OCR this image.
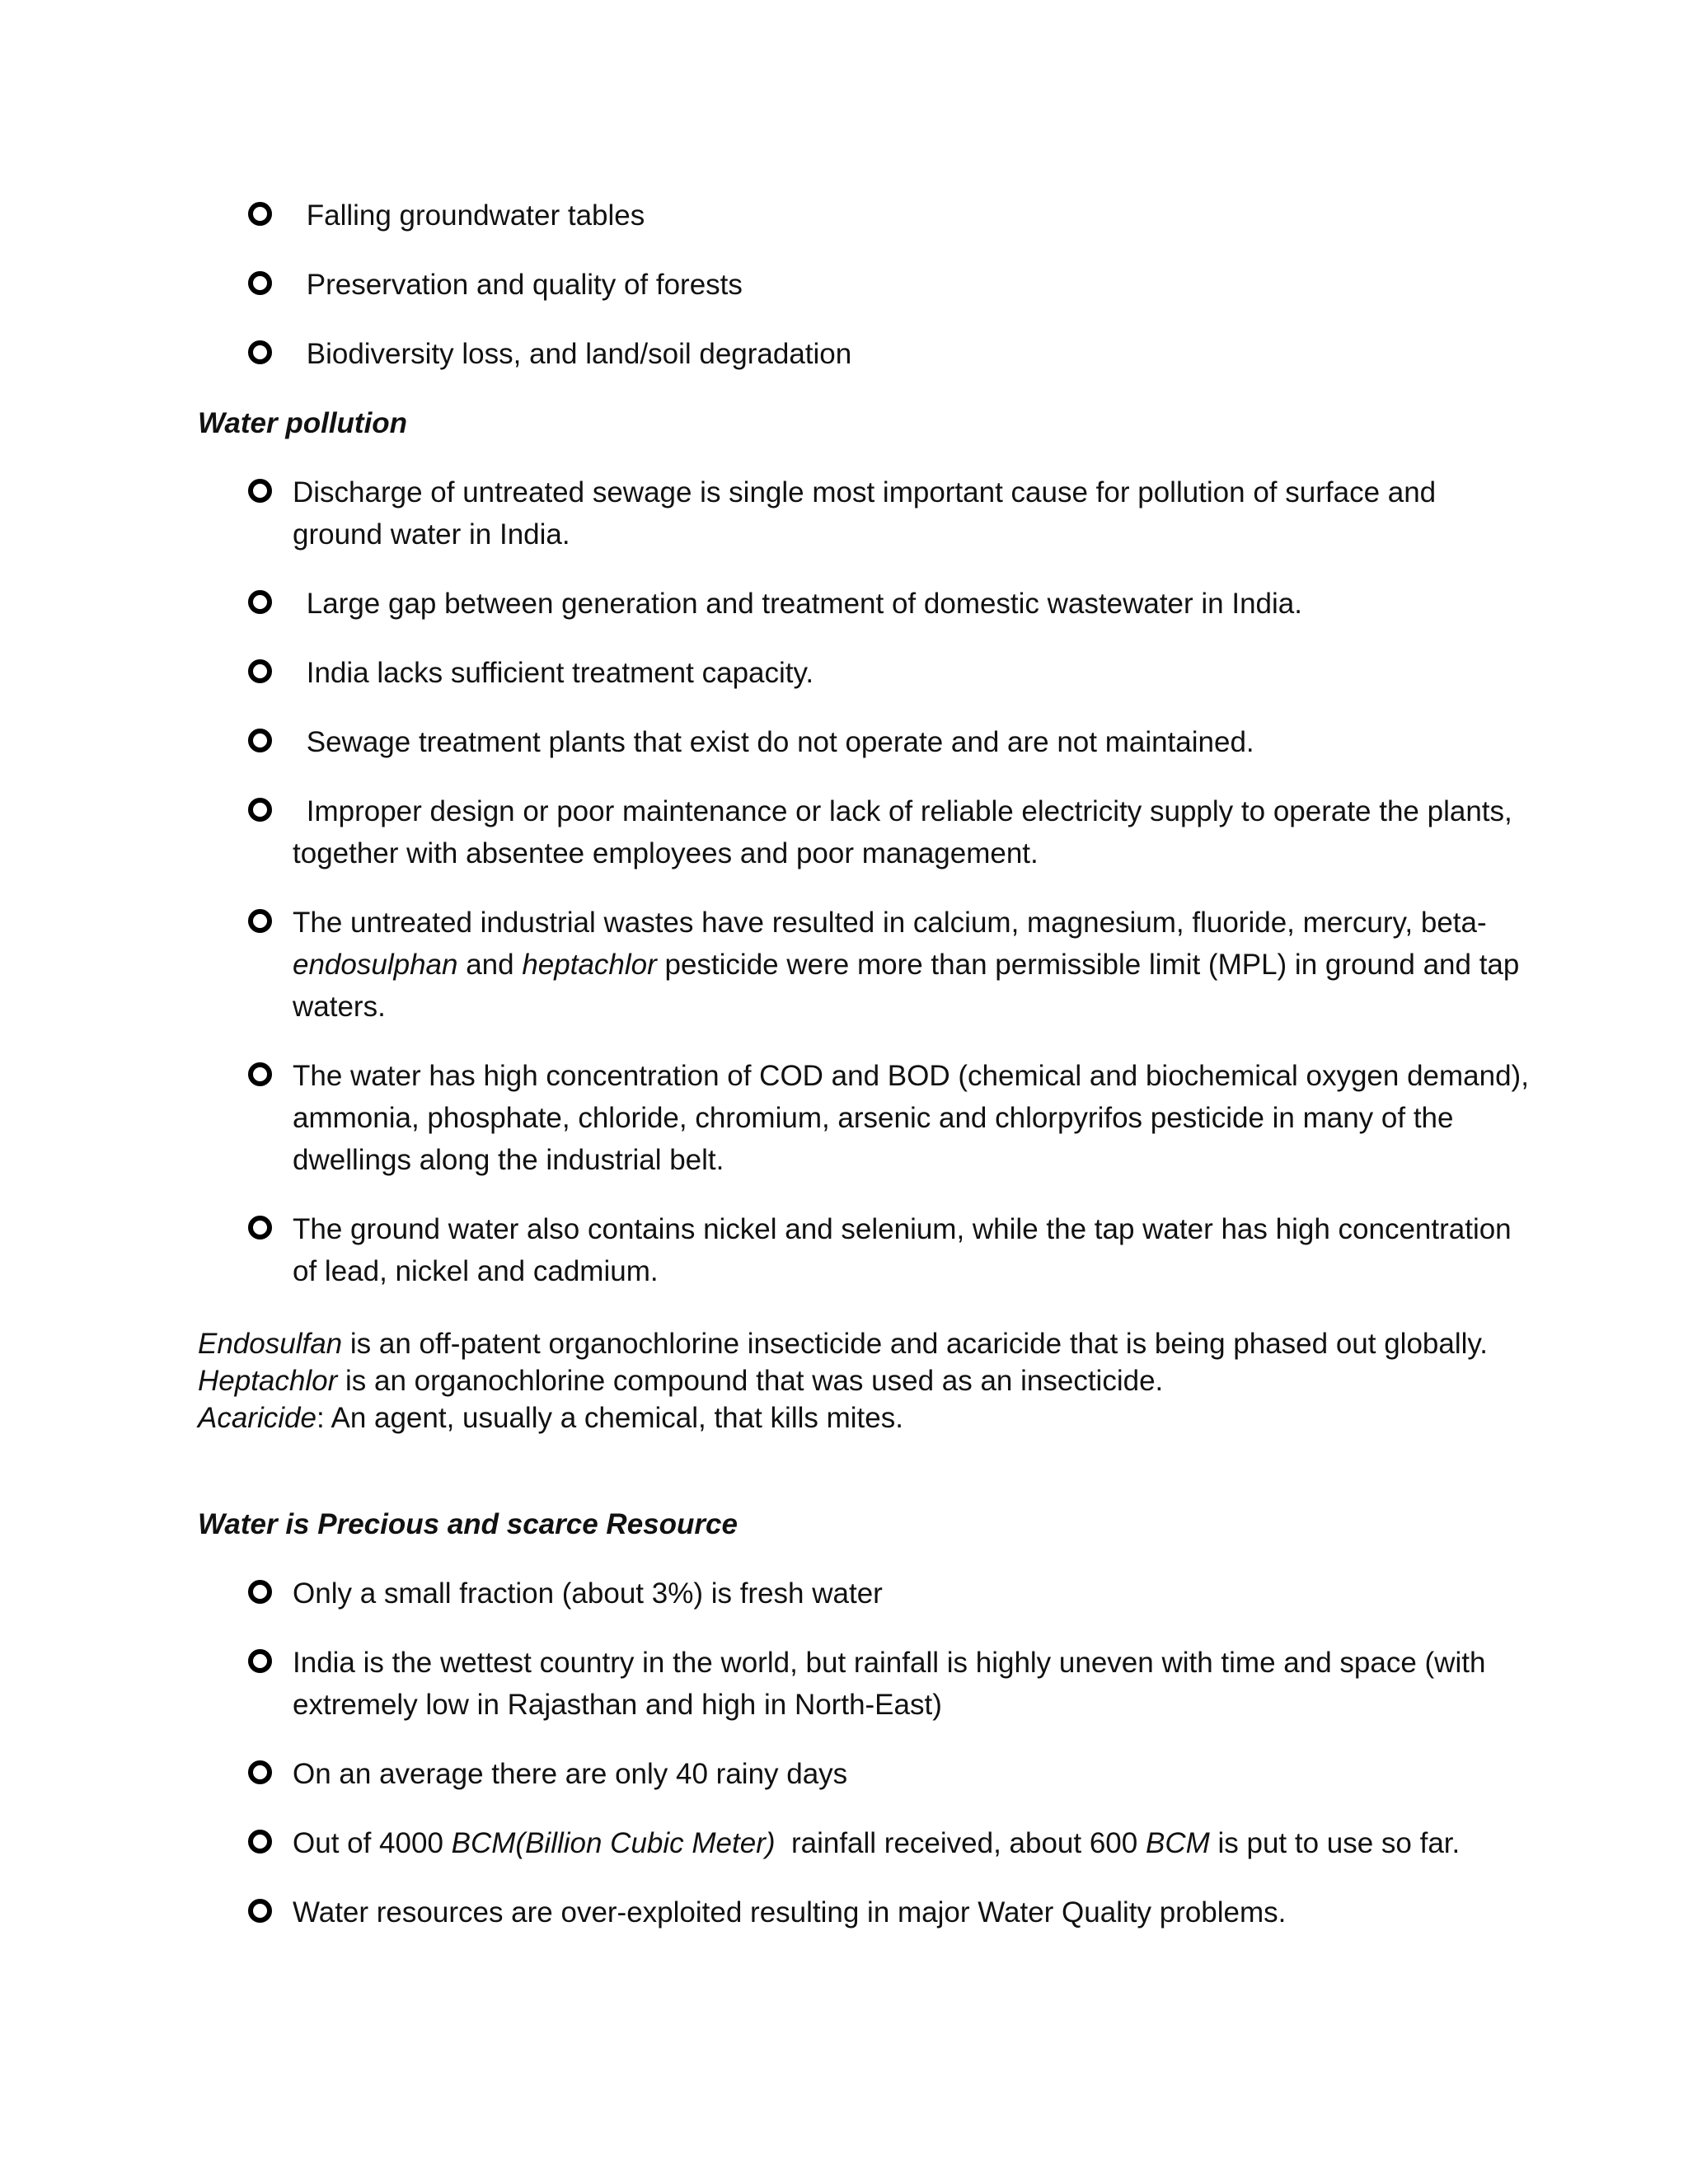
Falling groundwater tables
Preservation and quality of forests
Biodiversity loss, and land/soil degradation
Water pollution
Discharge of untreated sewage is single most important cause for pollution of surface and
ground water in India.
Large gap between generation and treatment of domestic wastewater in India.
India lacks sufficient treatment capacity.
Sewage treatment plants that exist do not operate and are not maintained.
Improper design or poor maintenance or lack of reliable electricity supply to operate the plants,
together with absentee employees and poor management.
The untreated industrial wastes have resulted in calcium, magnesium, fluoride, mercury, beta-
endosulphan and heptachlor pesticide were more than permissible limit (MPL) in ground and tap
waters.
The water has high concentration of COD and BOD (chemical and biochemical oxygen demand),
ammonia, phosphate, chloride, chromium, arsenic and chlorpyrifos pesticide in many of the
dwellings along the industrial belt.
The ground water also contains nickel and selenium, while the tap water has high concentration
of lead, nickel and cadmium.
Endosulfan is an off-patent organochlorine insecticide and acaricide that is being phased out globally.
Heptachlor is an organochlorine compound that was used as an insecticide.
Acaricide: An agent, usually a chemical, that kills mites.
Water is Precious and scarce Resource
Only a small fraction (about 3%) is fresh water
India is the wettest country in the world, but rainfall is highly uneven with time and space (with
extremely low in Rajasthan and high in North-East)
On an average there are only 40 rainy days
Out of 4000 BCM(Billion Cubic Meter)  rainfall received, about 600 BCM is put to use so far.
Water resources are over-exploited resulting in major Water Quality problems.
